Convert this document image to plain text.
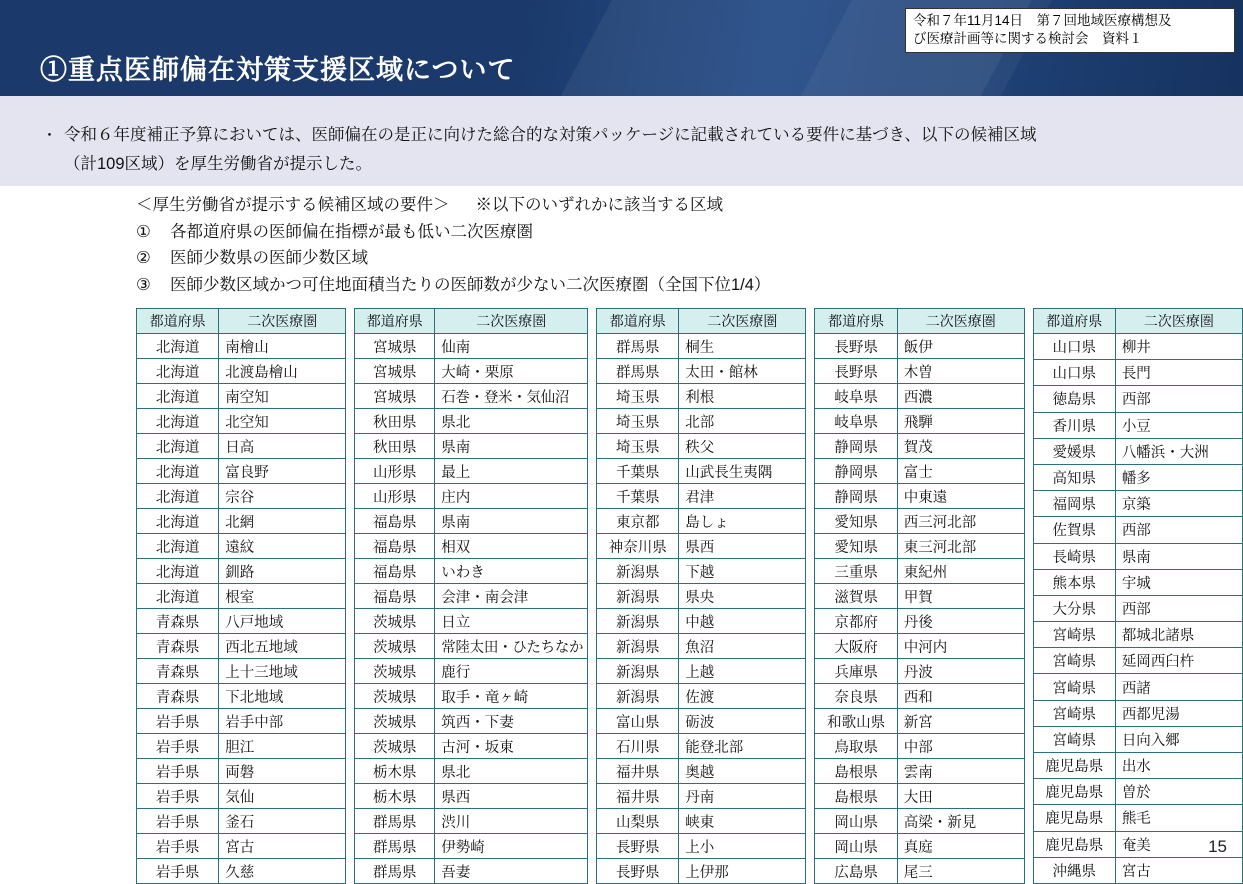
①重点医師偏在対策支援区域について
令和７年11月14日　第７回地域医療構想及
び医療計画等に関する検討会　資料１
・ 令和６年度補正予算においては、医師偏在の是正に向けた総合的な対策パッケージに記載されている要件に基づき、以下の候補区域
（計109区域）を厚生労働省が提示した。
＜厚生労働省が提示する候補区域の要件＞ ※以下のいずれかに該当する区域
① 各都道府県の医師偏在指標が最も低い二次医療圏
② 医師少数県の医師少数区域
③ 医師少数区域かつ可住地面積当たりの医師数が少ない二次医療圏（全国下位1/4）
都道府県	二次医療圏
北海道	南檜山
北海道	北渡島檜山
北海道	南空知
北海道	北空知
北海道	日高
北海道	富良野
北海道	宗谷
北海道	北網
北海道	遠紋
北海道	釧路
北海道	根室
青森県	八戸地域
青森県	西北五地域
青森県	上十三地域
青森県	下北地域
岩手県	岩手中部
岩手県	胆江
岩手県	両磐
岩手県	気仙
岩手県	釜石
岩手県	宮古
岩手県	久慈
都道府県	二次医療圏
宮城県	仙南
宮城県	大崎・栗原
宮城県	石巻・登米・気仙沼
秋田県	県北
秋田県	県南
山形県	最上
山形県	庄内
福島県	県南
福島県	相双
福島県	いわき
福島県	会津・南会津
茨城県	日立
茨城県	常陸太田・ひたちなか
茨城県	鹿行
茨城県	取手・竜ヶ崎
茨城県	筑西・下妻
茨城県	古河・坂東
栃木県	県北
栃木県	県西
群馬県	渋川
群馬県	伊勢崎
群馬県	吾妻
都道府県	二次医療圏
群馬県	桐生
群馬県	太田・館林
埼玉県	利根
埼玉県	北部
埼玉県	秩父
千葉県	山武長生夷隅
千葉県	君津
東京都	島しょ
神奈川県	県西
新潟県	下越
新潟県	県央
新潟県	中越
新潟県	魚沼
新潟県	上越
新潟県	佐渡
富山県	砺波
石川県	能登北部
福井県	奥越
福井県	丹南
山梨県	峡東
長野県	上小
長野県	上伊那
都道府県	二次医療圏
長野県	飯伊
長野県	木曽
岐阜県	西濃
岐阜県	飛騨
静岡県	賀茂
静岡県	富士
静岡県	中東遠
愛知県	西三河北部
愛知県	東三河北部
三重県	東紀州
滋賀県	甲賀
京都府	丹後
大阪府	中河内
兵庫県	丹波
奈良県	西和
和歌山県	新宮
鳥取県	中部
島根県	雲南
島根県	大田
岡山県	高梁・新見
岡山県	真庭
広島県	尾三
都道府県	二次医療圏
山口県	柳井
山口県	長門
徳島県	西部
香川県	小豆
愛媛県	八幡浜・大洲
高知県	幡多
福岡県	京築
佐賀県	西部
長崎県	県南
熊本県	宇城
大分県	西部
宮崎県	都城北諸県
宮崎県	延岡西臼杵
宮崎県	西諸
宮崎県	西都児湯
宮崎県	日向入郷
鹿児島県	出水
鹿児島県	曽於
鹿児島県	熊毛
鹿児島県	奄美
沖縄県	宮古
15
